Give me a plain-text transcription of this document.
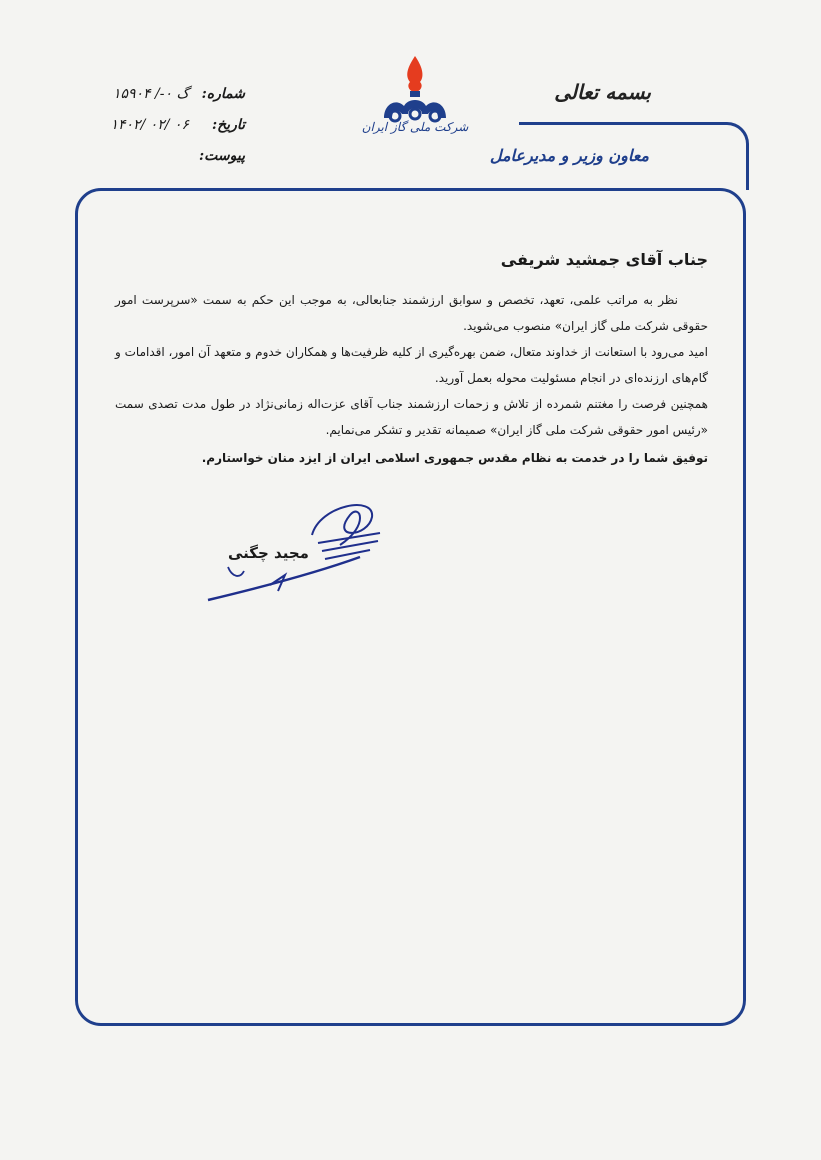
شماره:
گ ۰-/ ۱۵۹۰۴
تاریخ:
۱۴۰۲/ ۰۲/ ۰۶
پیوست:
شرکت ملی گاز ایران
بسمه تعالی
معاون وزیر و مدیرعامل
جناب آقای جمشید شریفی

نظر به مراتب علمی، تعهد، تخصص و سوابق ارزشمند جنابعالی، به موجب این حکم به سمت «سرپرست امور حقوقی شرکت ملی گاز ایران» منصوب می‌شوید.

امید می‌رود با استعانت از خداوند متعال، ضمن بهره‌گیری از کلیه ظرفیت‌ها و همکاران خدوم و متعهد آن امور، اقدامات و گام‌های ارزنده‌ای در انجام مسئولیت محوله بعمل آورید.

همچنین فرصت را مغتنم شمرده از تلاش و زحمات ارزشمند جناب آقای عزت‌اله زمانی‌نژاد در طول مدت تصدی سمت «رئیس امور حقوقی شرکت ملی گاز ایران» صمیمانه تقدیر و تشکر می‌نمایم.

توفیق شما را در خدمت به نظام مقدس جمهوری اسلامی ایران از ایزد منان خواستارم.

مجید چگنی
